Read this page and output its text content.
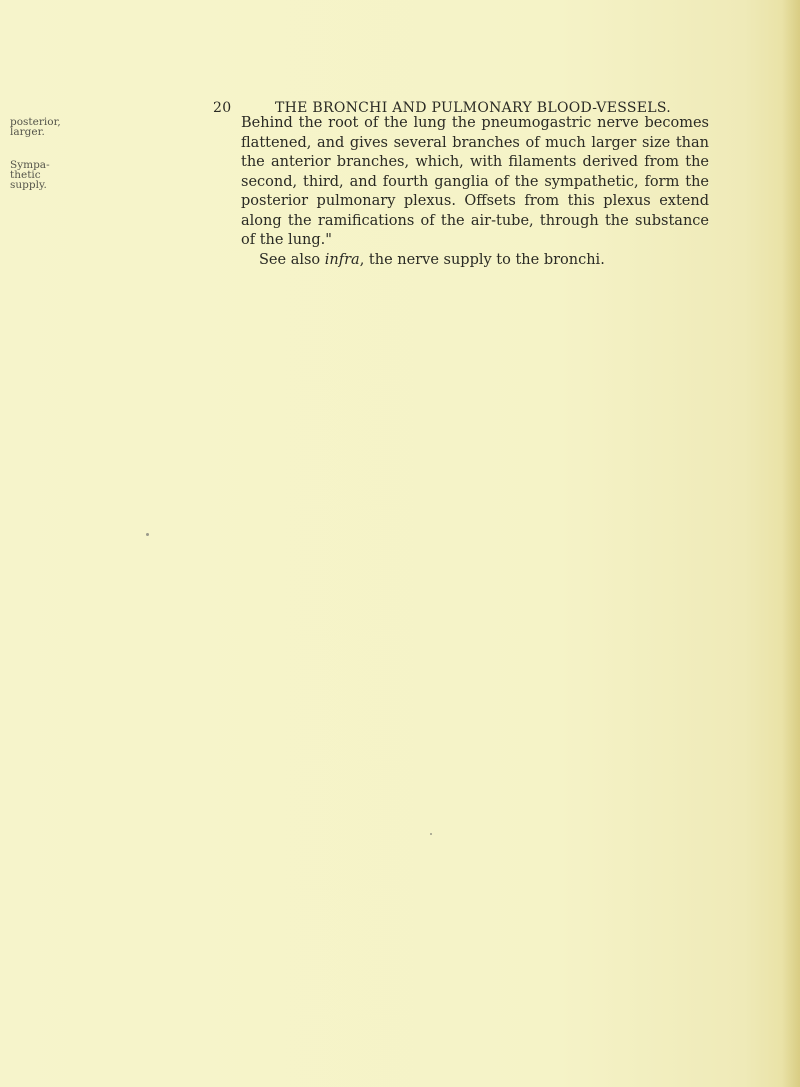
20	THE BRONCHI AND PULMONARY BLOOD-VESSELS.
posterior,
larger.
Sympa-
thetic
supply.

Behind the root of the lung the pneumogastric nerve becomes flattened, and gives several branches of much larger size than the anterior branches, which, with filaments derived from the second, third, and fourth ganglia of the sympathetic, form the posterior pulmonary plexus. Offsets from this plexus extend along the ramifications of the air-tube, through the substance of the lung."

See also infra, the nerve supply to the bronchi.
